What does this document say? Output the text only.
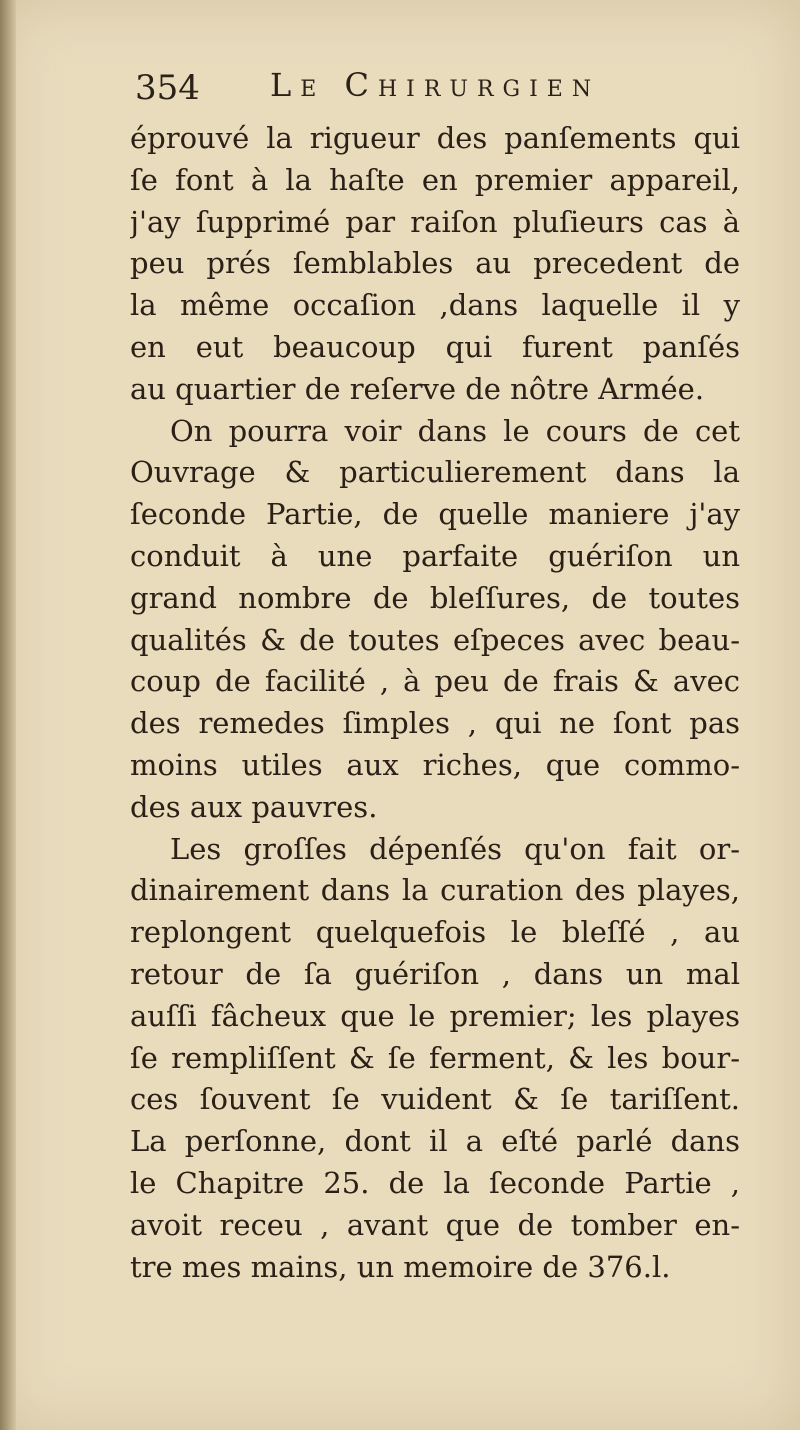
354 Le Chirurgien
éprouvé la rigueur des panſements qui
ſe font à la haſte en premier appareil,
j'ay ſupprimé par raiſon pluſieurs cas à
peu prés ſemblables au precedent de
la même occaſion ,dans laquelle il y
en eut beaucoup qui furent panſés
au quartier de reſerve de nôtre Armée.
On pourra voir dans le cours de cet
Ouvrage & particulierement dans la
ſeconde Partie, de quelle maniere j'ay
conduit à une parfaite guériſon un
grand nombre de bleſſures, de toutes
qualités & de toutes eſpeces avec beau-
coup de facilité , à peu de frais & avec
des remedes ſimples , qui ne ſont pas
moins utiles aux riches, que commo-
des aux pauvres.
Les groſſes dépenſés qu'on fait or-
dinairement dans la curation des playes,
replongent quelquefois le bleſſé , au
retour de ſa guériſon , dans un mal
auſſi fâcheux que le premier; les playes
ſe rempliſſent & ſe ferment, & les bour-
ces ſouvent ſe vuident & ſe tariſſent.
La perſonne, dont il a eſté parlé dans
le Chapitre 25. de la ſeconde Partie ,
avoit receu , avant que de tomber en-
tre mes mains, un memoire de 376.l.
